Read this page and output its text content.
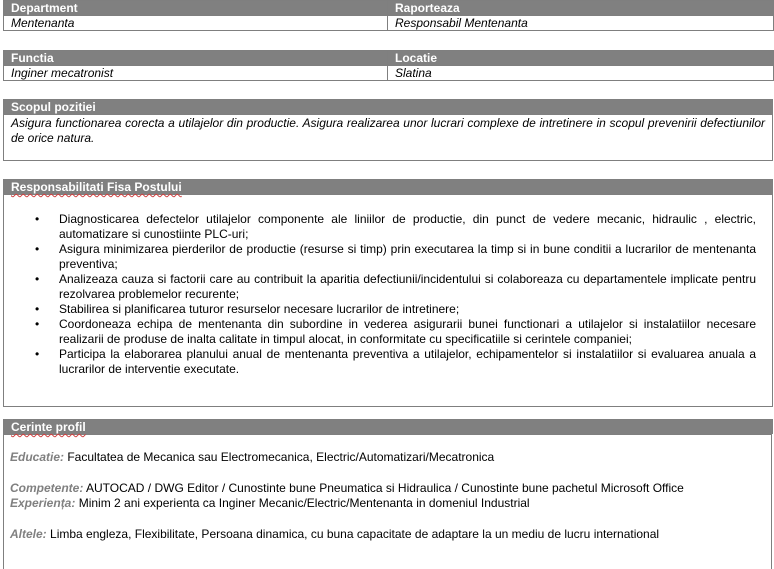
Department	Raporteaza
Mentenanta	Responsabil Mentenanta
Functia	Locatie
Inginer mecatronist	Slatina
Scopul pozitiei
Asigura functionarea corecta a utilajelor din productie. Asigura realizarea unor lucrari complexe de intretinere in scopul prevenirii defectiunilor de orice natura.
Responsabilitati Fisa Postului
• Diagnosticarea defectelor utilajelor componente ale liniilor de productie, din punct de vedere mecanic, hidraulic , electric, automatizare si cunostiinte PLC-uri;
• Asigura minimizarea pierderilor de productie (resurse si timp) prin executarea la timp si in bune conditii a lucrarilor de mentenanta preventiva;
• Analizeaza cauza si factorii care au contribuit la aparitia defectiunii/incidentului si colaboreaza cu departamentele implicate pentru rezolvarea problemelor recurente;
• Stabilirea si planificarea tuturor resurselor necesare lucrarilor de intretinere;
• Coordoneaza echipa de mentenanta din subordine in vederea asigurarii bunei functionari a utilajelor si instalatiilor necesare realizarii de produse de inalta calitate in timpul alocat, in conformitate cu specificatiile si cerintele companiei;
• Participa la elaborarea planului anual de mentenanta preventiva a utilajelor, echipamentelor si instalatiilor si evaluarea anuala a lucrarilor de interventie executate.
Cerinte profil
Educatie: Facultatea de Mecanica sau Electromecanica, Electric/Automatizari/Mecatronica
Competente: AUTOCAD / DWG Editor / Cunostinte bune Pneumatica si Hidraulica / Cunostinte bune pachetul Microsoft Office
Experiența: Minim 2 ani experienta ca Inginer Mecanic/Electric/Mentenanta in domeniul Industrial
Altele: Limba engleza, Flexibilitate, Persoana dinamica, cu buna capacitate de adaptare la un mediu de lucru international
